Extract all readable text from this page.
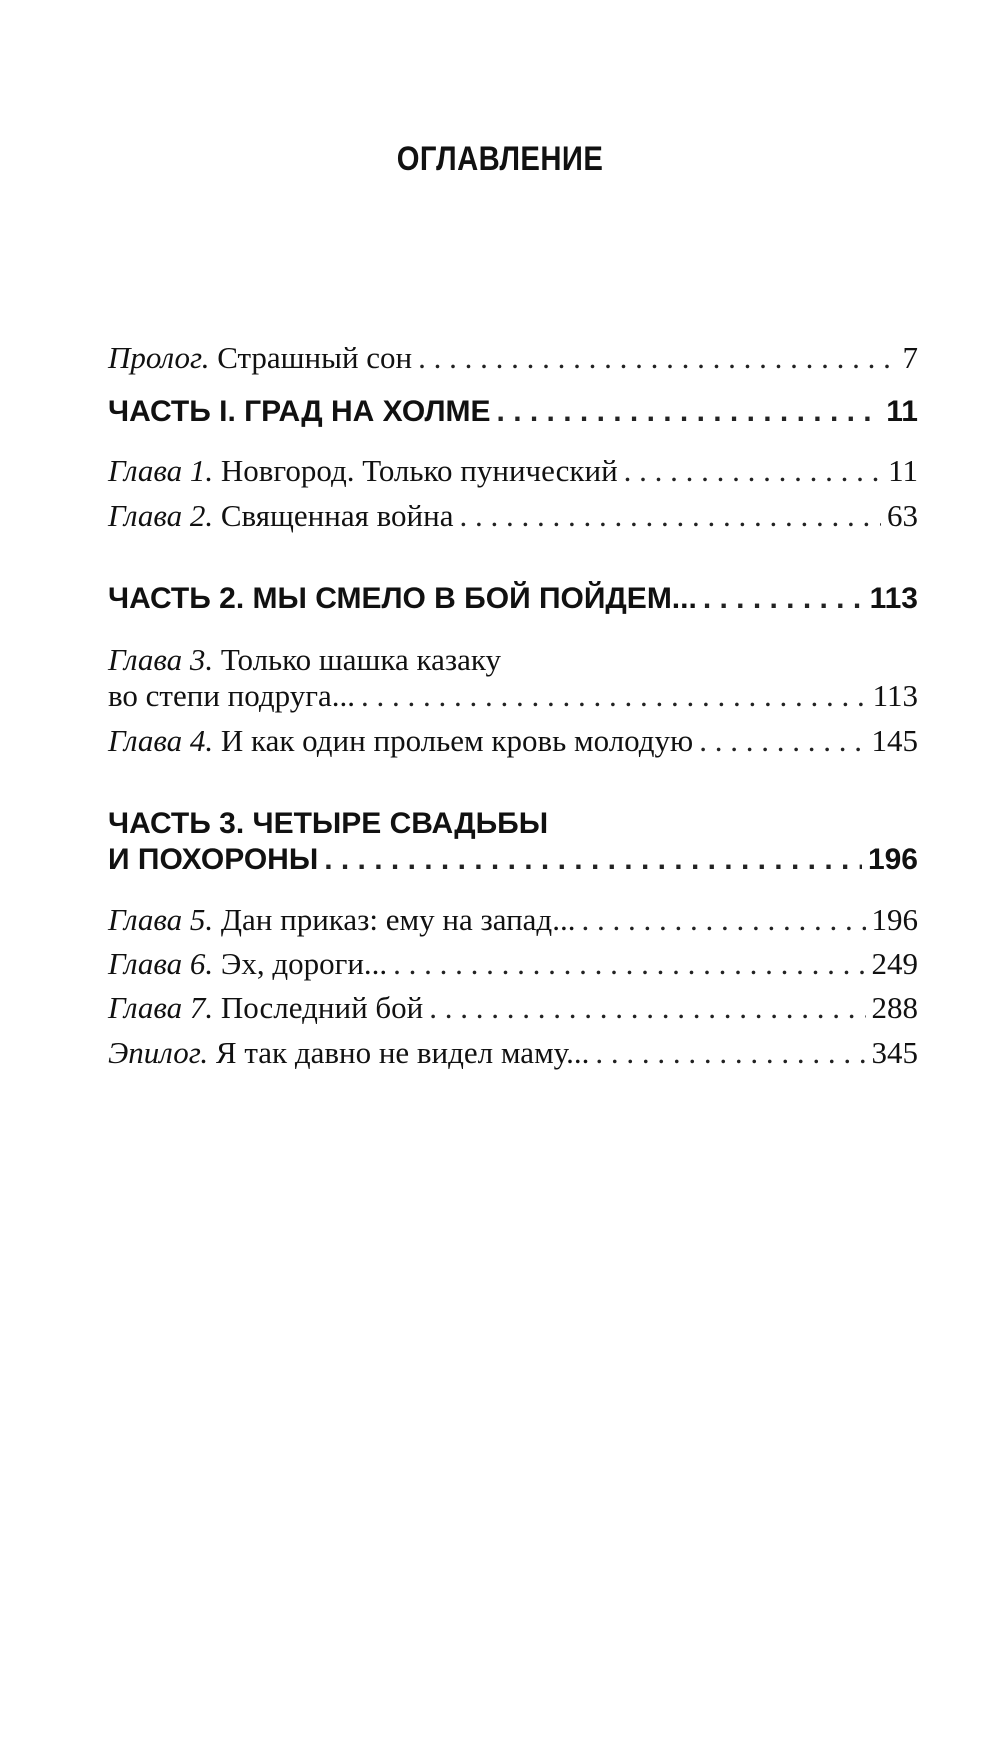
ОГЛАВЛЕНИЕ
Пролог. Страшный сон . . .	7
ЧАСТЬ I. ГРАД НА ХОЛМЕ . . .	11
Глава 1. Новгород. Только пунический . . .	11
Глава 2. Священная война . . .	63
ЧАСТЬ 2. МЫ СМЕЛО В БОЙ ПОЙДЕМ... . . .	113
Глава 3. Только шашка казаку
во степи подруга... . . .	113
Глава 4. И как один прольем кровь молодую . . .	145
ЧАСТЬ 3. ЧЕТЫРЕ СВАДЬБЫ
И ПОХОРОНЫ . . .	196
Глава 5. Дан приказ: ему на запад... . . .	196
Глава 6. Эх, дороги... . . .	249
Глава 7. Последний бой . . .	288
Эпилог. Я так давно не видел маму... . . .	345
